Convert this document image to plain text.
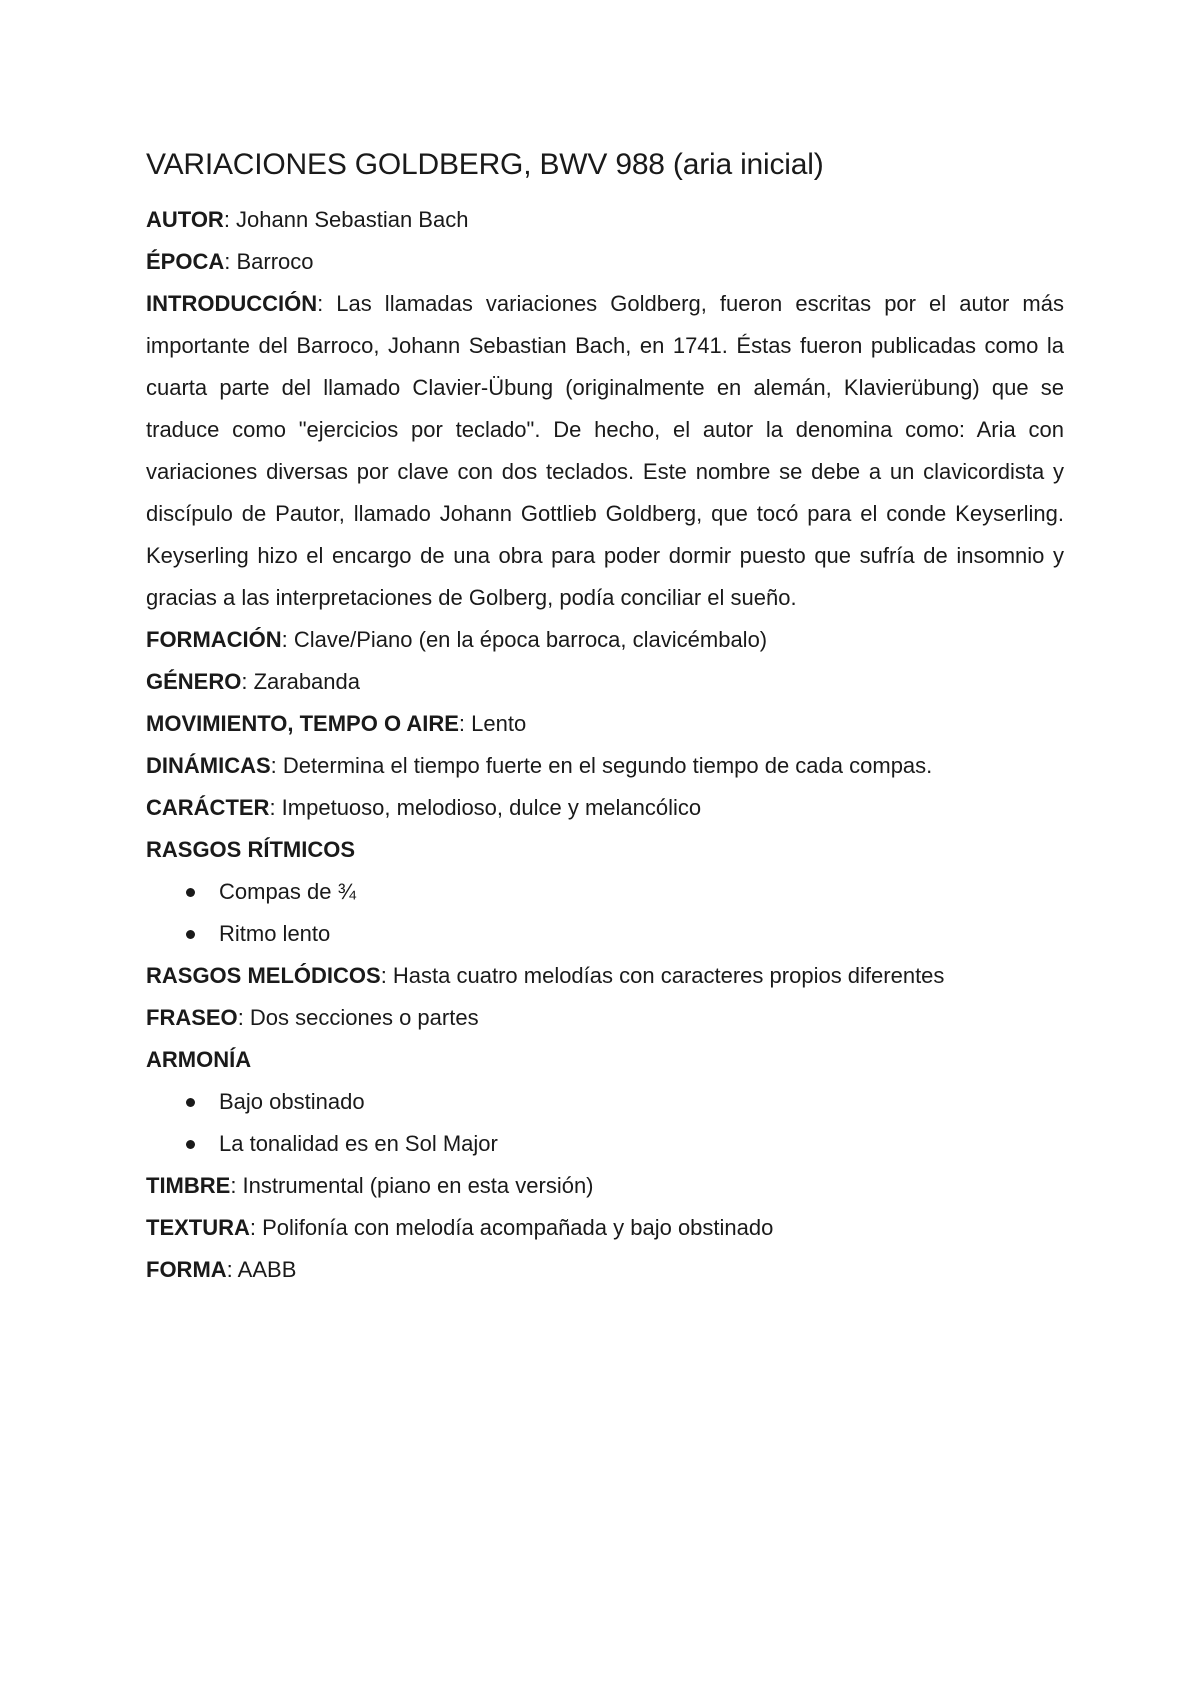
VARIACIONES GOLDBERG, BWV 988 (aria inicial)

AUTOR: Johann Sebastian Bach

ÉPOCA: Barroco

INTRODUCCIÓN: Las llamadas variaciones Goldberg, fueron escritas por el autor más importante del Barroco, Johann Sebastian Bach, en 1741. Éstas fueron publicadas como la cuarta parte del llamado Clavier-Übung (originalmente en alemán, Klavierübung) que se traduce como "ejercicios por teclado". De hecho, el autor la denomina como: Aria con variaciones diversas por clave con dos teclados. Este nombre se debe a un clavicordista y discípulo de Pautor, llamado Johann Gottlieb Goldberg, que tocó para el conde Keyserling. Keyserling hizo el encargo de una obra para poder dormir puesto que sufría de insomnio y gracias a las interpretaciones de Golberg, podía conciliar el sueño.

FORMACIÓN: Clave/Piano (en la época barroca, clavicémbalo)

GÉNERO: Zarabanda

MOVIMIENTO, TEMPO O AIRE: Lento

DINÁMICAS: Determina el tiempo fuerte en el segundo tiempo de cada compas.

CARÁCTER: Impetuoso, melodioso, dulce y melancólico

RASGOS RÍTMICOS

Compas de ¾
Ritmo lento

RASGOS MELÓDICOS: Hasta cuatro melodías con caracteres propios diferentes

FRASEO: Dos secciones o partes

ARMONÍA

Bajo obstinado
La tonalidad es en Sol Major

TIMBRE: Instrumental (piano en esta versión)

TEXTURA: Polifonía con melodía acompañada y bajo obstinado

FORMA: AABB
